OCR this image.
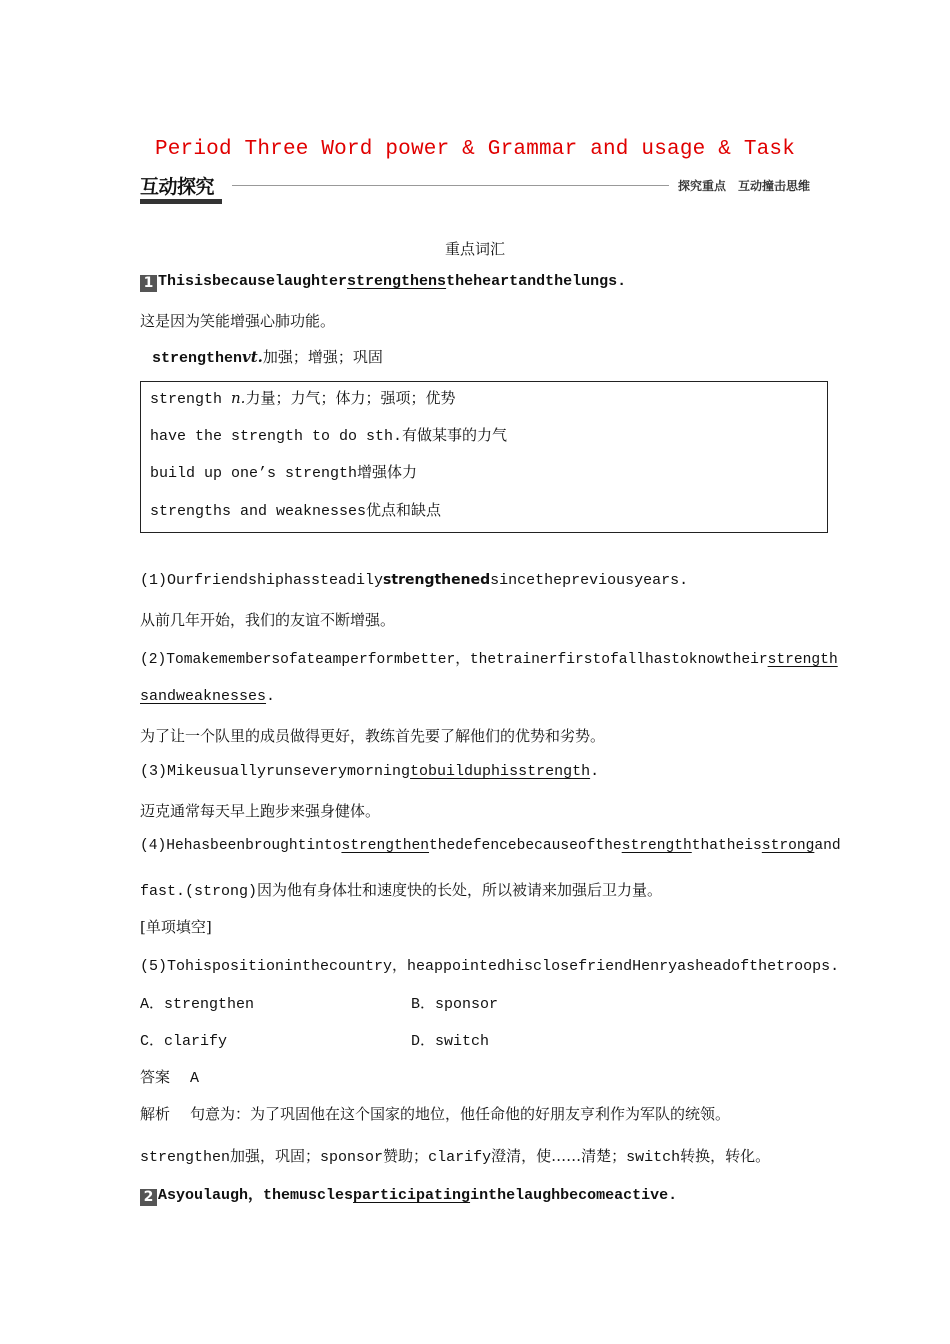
Period Three Word power & Grammar and usage & Task
互动探究	探究重点　互动撞击思维
重点词汇
1 Thisisbecauselaughterstrengthenstheheartandthelungs.
这是因为笑能增强心肺功能。
strengthenvt.加强；增强；巩固
strength n.力量；力气；体力；强项；优势
have the strength to do sth.有做某事的力气
build up one’s strength增强体力
strengths and weaknesses优点和缺点
(1)Ourfriendshiphassteadilystrengthenedsincethepreviousyears.
从前几年开始，我们的友谊不断增强。
(2)Tomakemembersofateamperformbetter，thetrainerfirstofallhastoknowtheirstrength
sandweaknesses.
为了让一个队里的成员做得更好，教练首先要了解他们的优势和劣势。
(3)Mikeusuallyrunseverymorningtobuilduphisstrength.
迈克通常每天早上跑步来强身健体。
(4)Hehasbeenbroughtintostrengthenthedefencebecauseofthestrengththatheisstrongand
fast.(strong)因为他有身体壮和速度快的长处，所以被请来加强后卫力量。
[单项填空]
(5)Tohispositioninthecountry，heappointedhisclosefriendHenryasheadofthetroops.
A．strengthen	B．sponsor
C．clarify	D．switch
答案 A
解析 句意为：为了巩固他在这个国家的地位，他任命他的好朋友亨利作为军队的统领。
strengthen加强，巩固；sponsor赞助；clarify澄清，使……清楚；switch转换，转化。
2 Asyoulaugh，themusclesparticipatinginthelaughbecomeactive.
